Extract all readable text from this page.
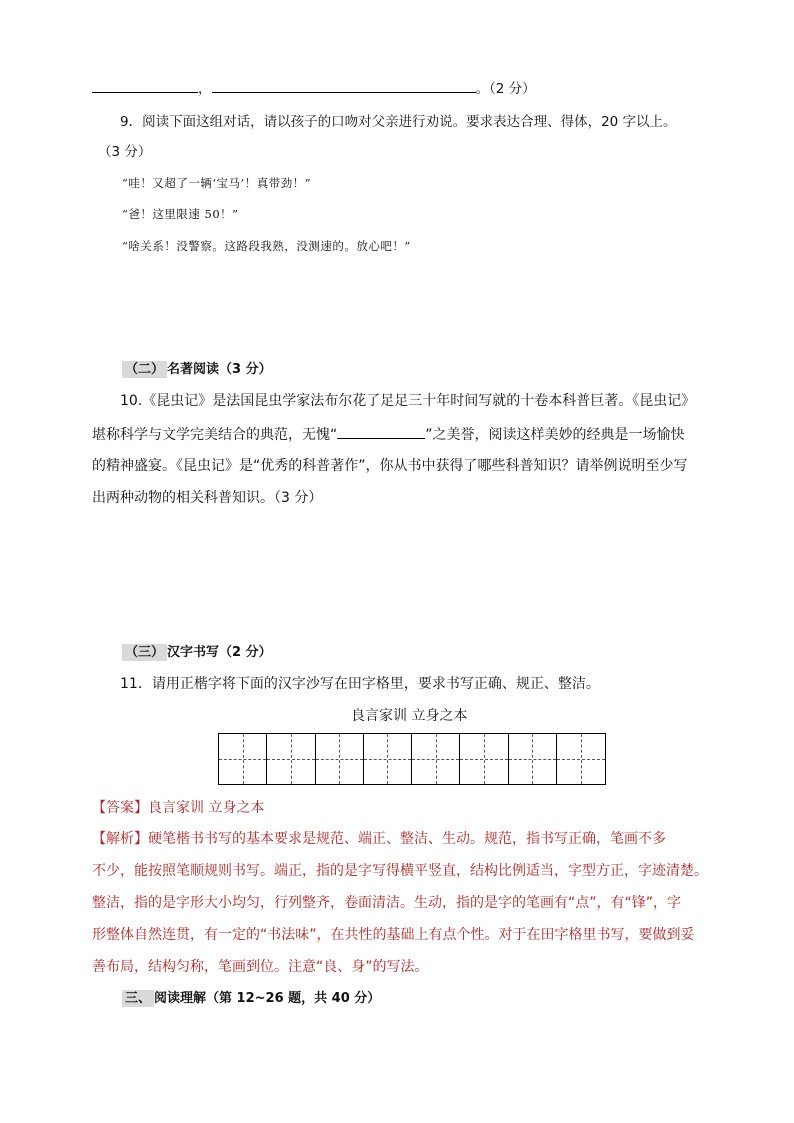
，	。（2 分）
9．阅读下面这组对话，请以孩子的口吻对父亲进行劝说。要求表达合理、得体，20 字以上。
（3 分）
“哇！又超了一辆‘宝马’！真带劲！”
“爸！这里限速 50！”
“啥关系！没警察。这路段我熟，没测速的。放心吧！”
（二） 名著阅读（3 分）
10.《昆虫记》是法国昆虫学家法布尔花了足足三十年时间写就的十卷本科普巨著。《昆虫记》
堪称科学与文学完美结合的典范，无愧“	”之美誉，阅读这样美妙的经典是一场愉快
的精神盛宴。《昆虫记》是“优秀的科普著作”，你从书中获得了哪些科普知识？请举例说明至少写
出两种动物的相关科普知识。（3 分）
（三） 汉字书写（2 分）
11．请用正楷字将下面的汉字沙写在田字格里，要求书写正确、规正、整洁。
良言家训 立身之本
【答案】良言家训 立身之本
【解析】硬笔楷书书写的基本要求是规范、端正、整洁、生动。规范，指书写正确，笔画不多
不少，能按照笔顺规则书写。端正，指的是字写得横平竖直，结构比例适当，字型方正，字迹清楚。
整洁，指的是字形大小均匀，行列整齐，卷面清洁。生动，指的是字的笔画有“点”，有“锋”，字
形整体自然连贯，有一定的“书法味”，在共性的基础上有点个性。对于在田字格里书写，要做到妥
善布局，结构匀称，笔画到位。注意“良、身”的写法。
三、 阅读理解（第 12~26 题，共 40 分）
